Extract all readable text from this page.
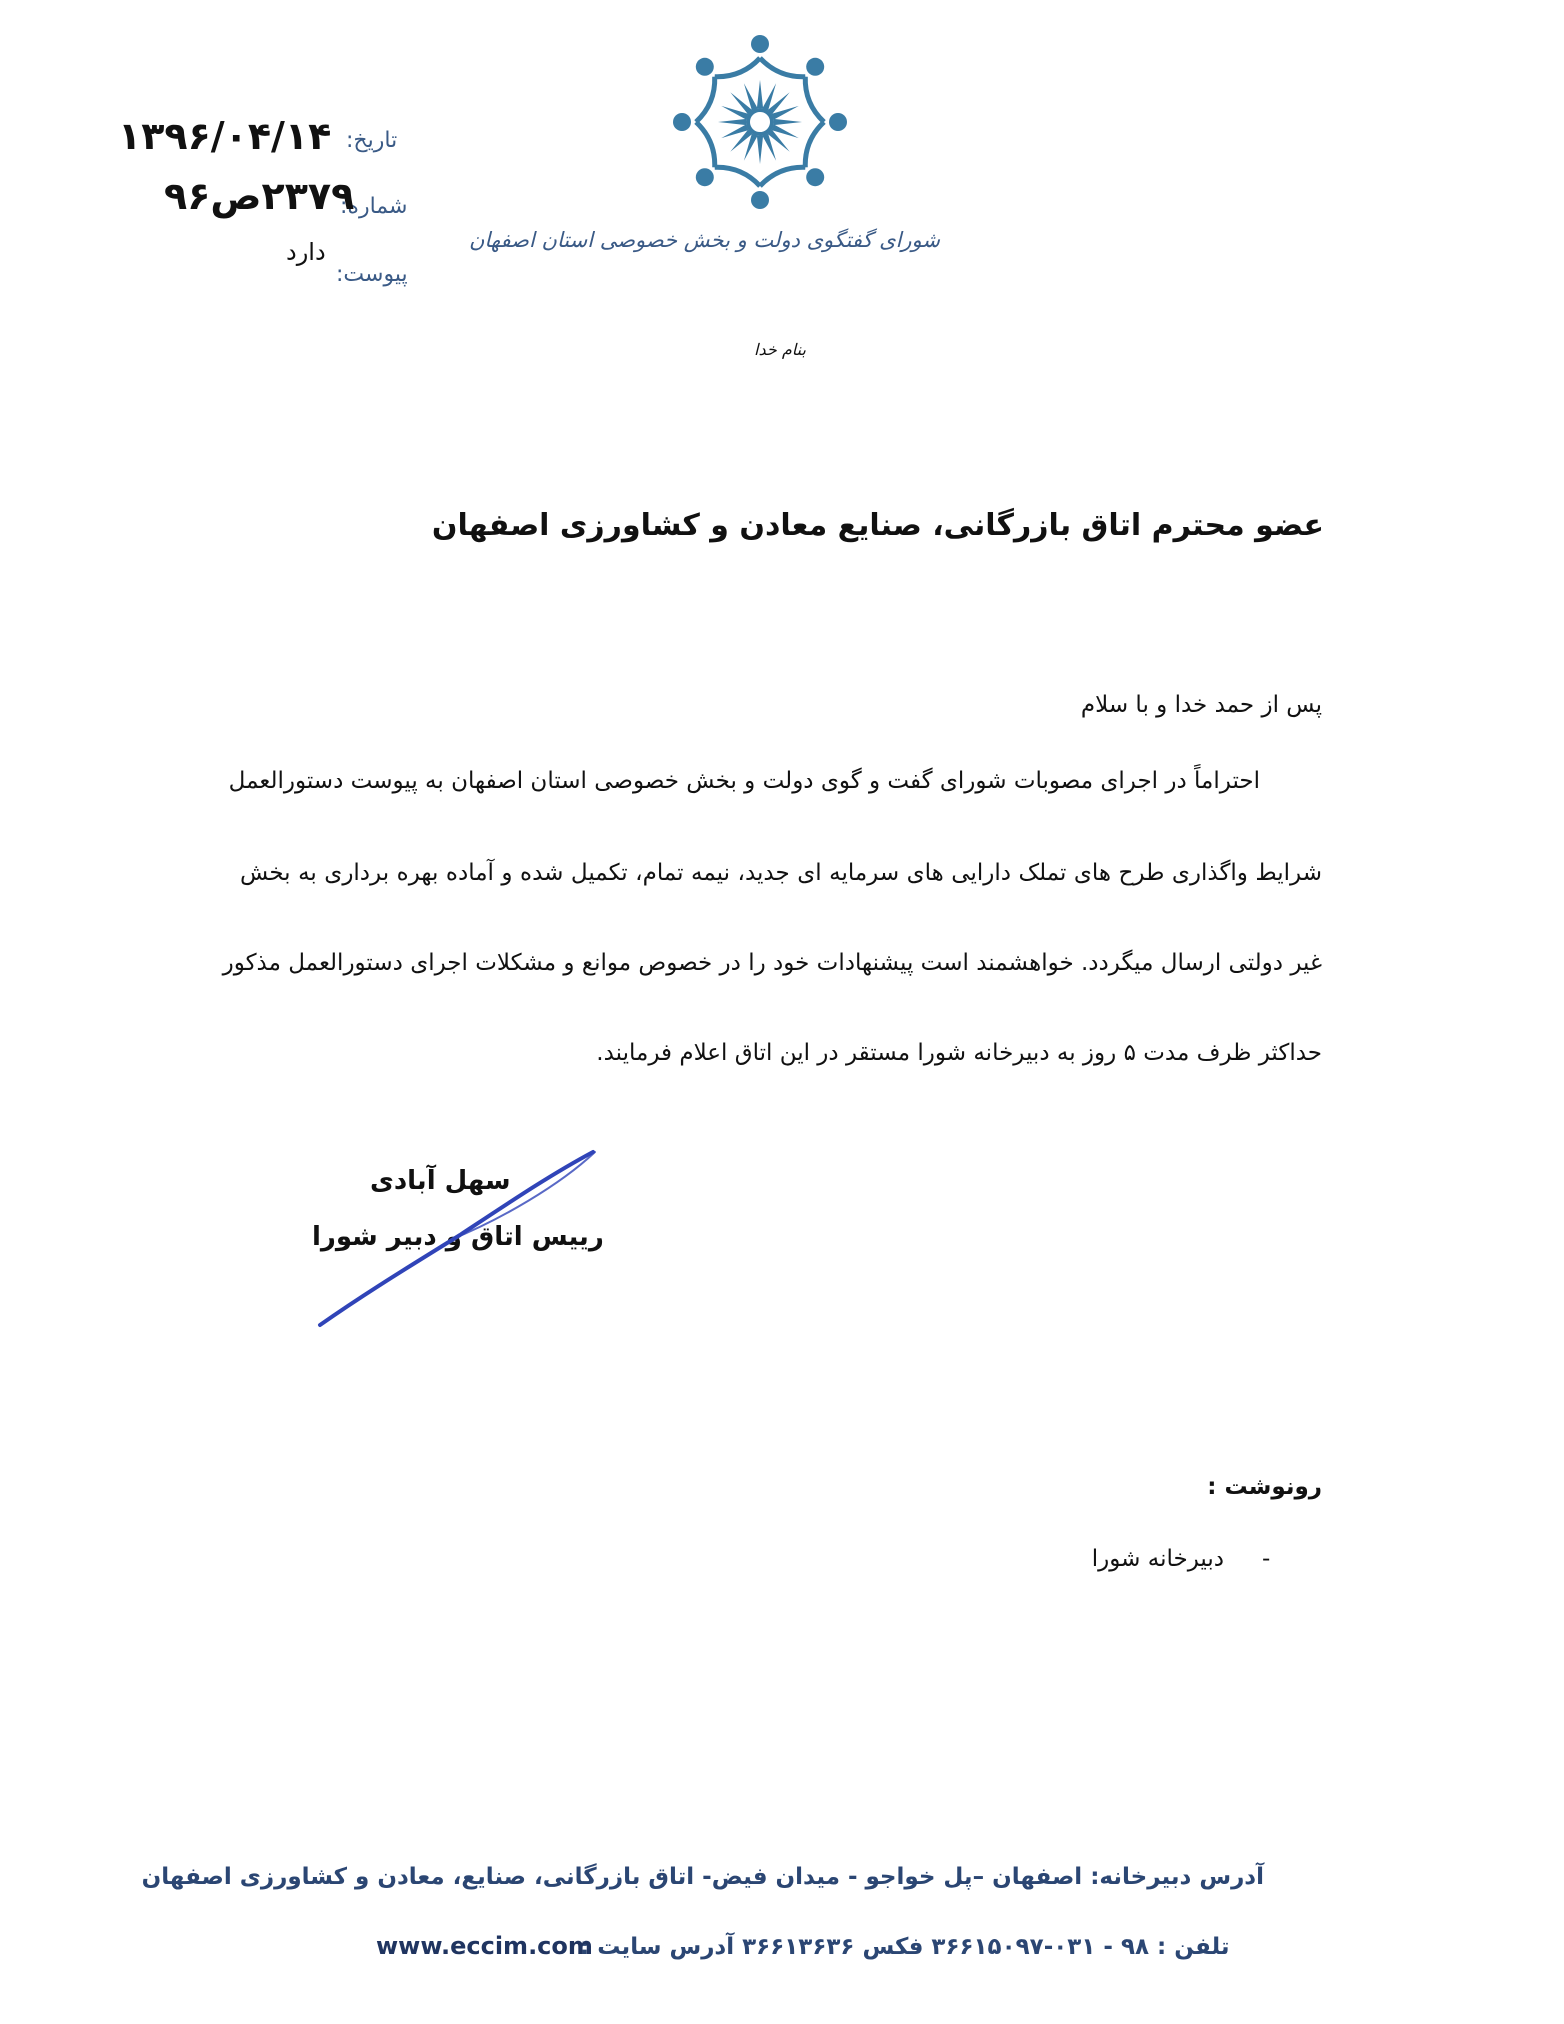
تاریخ:
۱۳۹۶/۰۴/۱۴
شماره:
۲۳۷۹ص۹۶
پیوست:
دارد	شورای گفتگوی دولت و بخش خصوصی استان اصفهان
بنام خدا
عضو محترم اتاق بازرگانی، صنایع معادن و کشاورزی اصفهان
پس از حمد خدا و با سلام
احتراماً در اجرای مصوبات شورای گفت و گوی دولت و بخش خصوصی استان اصفهان به پیوست دستورالعمل
شرایط واگذاری طرح های تملک دارایی های سرمایه ای جدید، نیمه تمام، تکمیل شده و آماده بهره برداری به بخش
غیر دولتی ارسال میگردد. خواهشمند است پیشنهادات خود را در خصوص موانع و مشکلات اجرای دستورالعمل مذکور
حداکثر ظرف مدت ۵ روز به دبیرخانه شورا مستقر در این اتاق اعلام فرمایند.
سهل آبادی
رییس اتاق و دبیر شورا
رونوشت :
-
دبیرخانه شورا
آدرس دبیرخانه: اصفهان –پل خواجو - میدان فیض- اتاق بازرگانی، صنایع، معادن و کشاورزی اصفهان
تلفن : ۹۸ - ۰۳۱-۳۶۶۱۵۰۹۷ فکس ۳۶۶۱۳۶۳۶ آدرس سایت :
www.eccim.com
